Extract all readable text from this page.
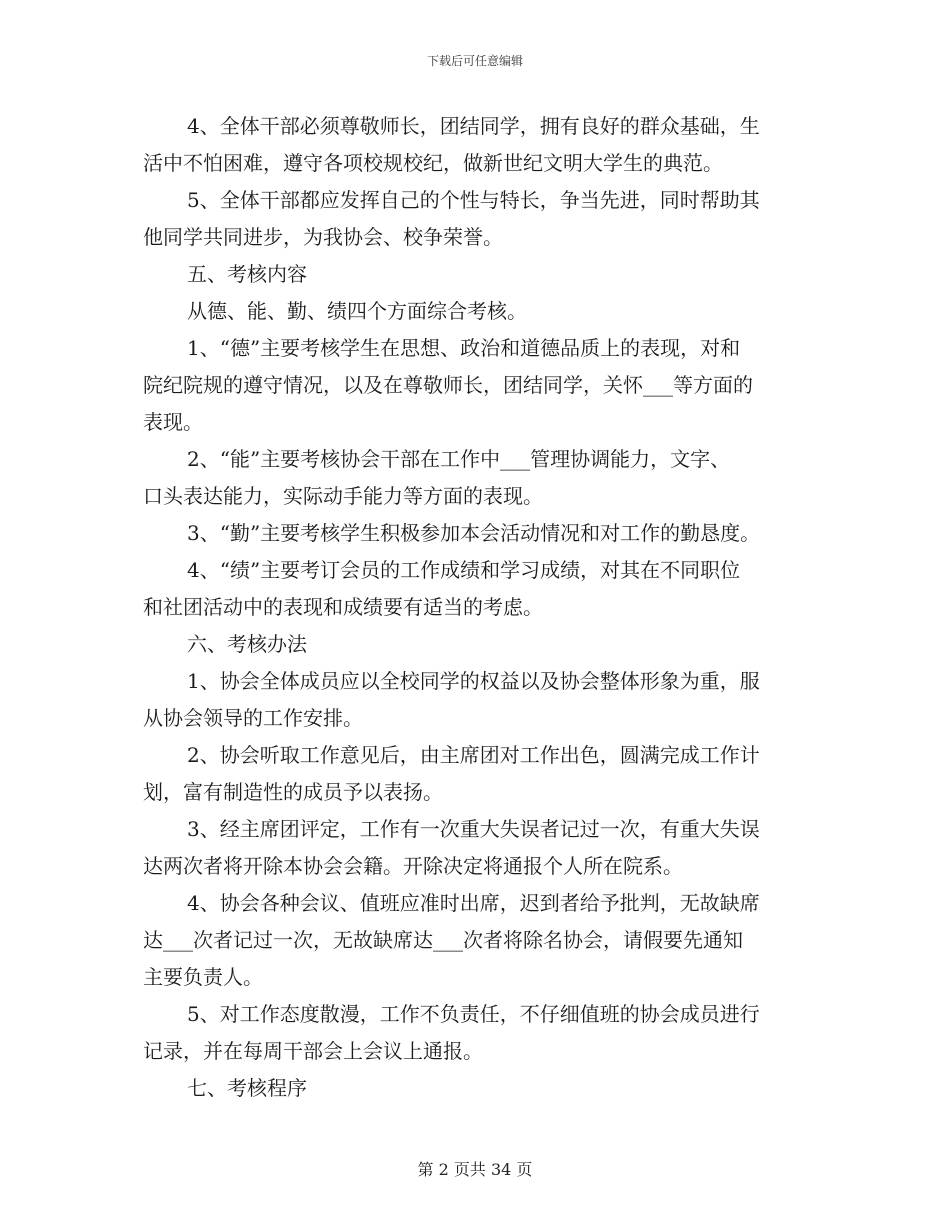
下载后可任意编辑
4、全体干部必须尊敬师长，团结同学，拥有良好的群众基础，生
活中不怕困难，遵守各项校规校纪，做新世纪文明大学生的典范。
5、全体干部都应发挥自己的个性与特长，争当先进，同时帮助其
他同学共同进步，为我协会、校争荣誉。
五、考核内容
从德、能、勤、绩四个方面综合考核。
1、“德”主要考核学生在思想、政治和道德品质上的表现，对和
院纪院规的遵守情况，以及在尊敬师长，团结同学，关怀___等方面的
表现。
2、“能”主要考核协会干部在工作中___管理协调能力，文字、
口头表达能力，实际动手能力等方面的表现。
3、“勤”主要考核学生积极参加本会活动情况和对工作的勤恳度。
4、“绩”主要考订会员的工作成绩和学习成绩，对其在不同职位
和社团活动中的表现和成绩要有适当的考虑。
六、考核办法
1、协会全体成员应以全校同学的权益以及协会整体形象为重，服
从协会领导的工作安排。
2、协会听取工作意见后，由主席团对工作出色，圆满完成工作计
划，富有制造性的成员予以表扬。
3、经主席团评定，工作有一次重大失误者记过一次，有重大失误
达两次者将开除本协会会籍。开除决定将通报个人所在院系。
4、协会各种会议、值班应准时出席，迟到者给予批判，无故缺席
达___次者记过一次，无故缺席达___次者将除名协会，请假要先通知
主要负责人。
5、对工作态度散漫，工作不负责任，不仔细值班的协会成员进行
记录，并在每周干部会上会议上通报。
七、考核程序
第 2 页共 34 页
